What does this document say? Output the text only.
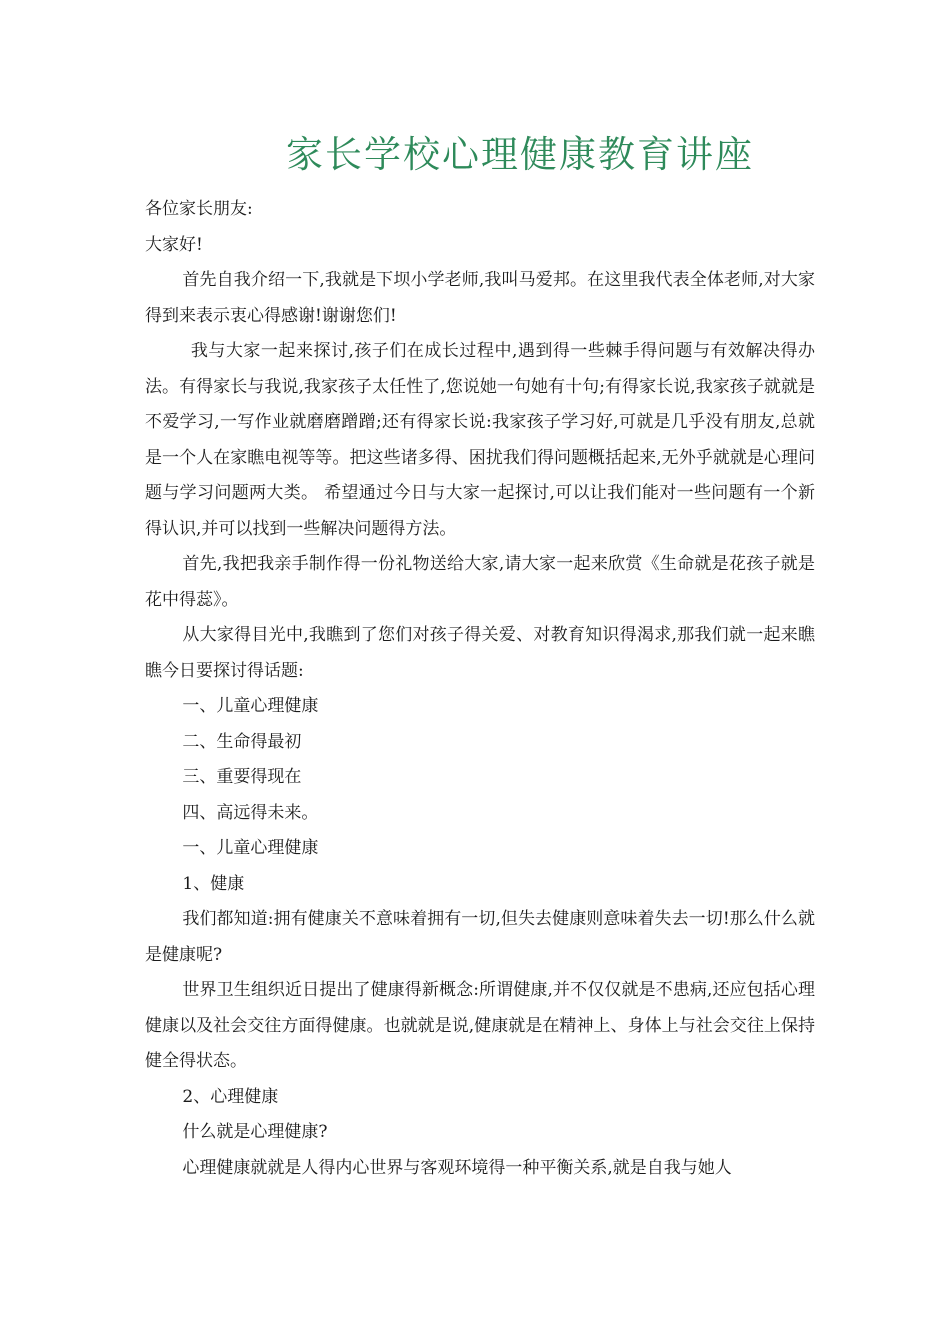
家长学校心理健康教育讲座

各位家长朋友:

大家好!

首先自我介绍一下,我就是下坝小学老师,我叫马爱邦。在这里我代表全体老师,对大家得到来表示衷心得感谢!谢谢您们!

我与大家一起来探讨,孩子们在成长过程中,遇到得一些棘手得问题与有效解决得办法。有得家长与我说,我家孩子太任性了,您说她一句她有十句;有得家长说,我家孩子就就是不爱学习,一写作业就磨磨蹭蹭;还有得家长说:我家孩子学习好,可就是几乎没有朋友,总就是一个人在家瞧电视等等。把这些诸多得、困扰我们得问题概括起来,无外乎就就是心理问题与学习问题两大类。 希望通过今日与大家一起探讨,可以让我们能对一些问题有一个新得认识,并可以找到一些解决问题得方法。

首先,我把我亲手制作得一份礼物送给大家,请大家一起来欣赏《生命就是花孩子就是花中得蕊》。

从大家得目光中,我瞧到了您们对孩子得关爱、对教育知识得渴求,那我们就一起来瞧瞧今日要探讨得话题:

一、儿童心理健康

二、生命得最初

三、重要得现在

四、高远得未来。

一、儿童心理健康

1、健康

我们都知道:拥有健康关不意味着拥有一切,但失去健康则意味着失去一切!那么什么就是健康呢?

世界卫生组织近日提出了健康得新概念:所谓健康,并不仅仅就是不患病,还应包括心理健康以及社会交往方面得健康。也就就是说,健康就是在精神上、身体上与社会交往上保持健全得状态。

2、心理健康

什么就是心理健康?

心理健康就就是人得内心世界与客观环境得一种平衡关系,就是自我与她人
